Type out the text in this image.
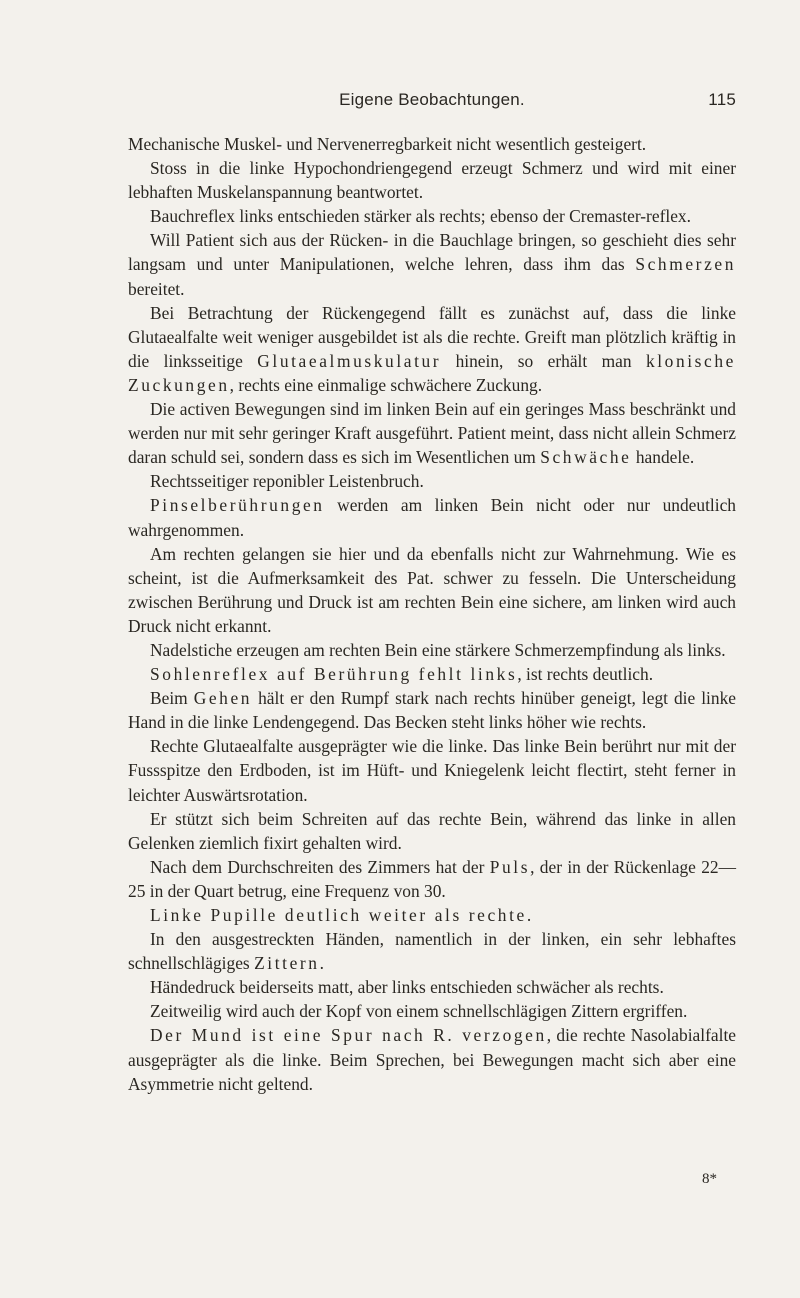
Eigene Beobachtungen.	115

Mechanische Muskel- und Nervenerregbarkeit nicht wesentlich gesteigert.

Stoss in die linke Hypochondriengegend erzeugt Schmerz und wird mit einer lebhaften Muskelanspannung beantwortet.

Bauchreflex links entschieden stärker als rechts; ebenso der Cremaster-reflex.

Will Patient sich aus der Rücken- in die Bauchlage bringen, so geschieht dies sehr langsam und unter Manipulationen, welche lehren, dass ihm das Schmerzen bereitet.

Bei Betrachtung der Rückengegend fällt es zunächst auf, dass die linke Glutaealfalte weit weniger ausgebildet ist als die rechte. Greift man plötzlich kräftig in die linksseitige Glutaealmuskulatur hinein, so erhält man klonische Zuckungen, rechts eine einmalige schwächere Zuckung.

Die activen Bewegungen sind im linken Bein auf ein geringes Mass beschränkt und werden nur mit sehr geringer Kraft ausgeführt. Patient meint, dass nicht allein Schmerz daran schuld sei, sondern dass es sich im Wesentlichen um Schwäche handele.

Rechtsseitiger reponibler Leistenbruch.

Pinselberührungen werden am linken Bein nicht oder nur undeutlich wahrgenommen.

Am rechten gelangen sie hier und da ebenfalls nicht zur Wahrnehmung. Wie es scheint, ist die Aufmerksamkeit des Pat. schwer zu fesseln. Die Unterscheidung zwischen Berührung und Druck ist am rechten Bein eine sichere, am linken wird auch Druck nicht erkannt.

Nadelstiche erzeugen am rechten Bein eine stärkere Schmerzempfindung als links.

Sohlenreflex auf Berührung fehlt links, ist rechts deutlich.

Beim Gehen hält er den Rumpf stark nach rechts hinüber geneigt, legt die linke Hand in die linke Lendengegend. Das Becken steht links höher wie rechts.

Rechte Glutaealfalte ausgeprägter wie die linke. Das linke Bein berührt nur mit der Fussspitze den Erdboden, ist im Hüft- und Kniegelenk leicht flectirt, steht ferner in leichter Auswärtsrotation.

Er stützt sich beim Schreiten auf das rechte Bein, während das linke in allen Gelenken ziemlich fixirt gehalten wird.

Nach dem Durchschreiten des Zimmers hat der Puls, der in der Rückenlage 22—25 in der Quart betrug, eine Frequenz von 30.

Linke Pupille deutlich weiter als rechte.

In den ausgestreckten Händen, namentlich in der linken, ein sehr lebhaftes schnellschlägiges Zittern.

Händedruck beiderseits matt, aber links entschieden schwächer als rechts.

Zeitweilig wird auch der Kopf von einem schnellschlägigen Zittern ergriffen.

Der Mund ist eine Spur nach R. verzogen, die rechte Nasolabialfalte ausgeprägter als die linke. Beim Sprechen, bei Bewegungen macht sich aber eine Asymmetrie nicht geltend.

8*
